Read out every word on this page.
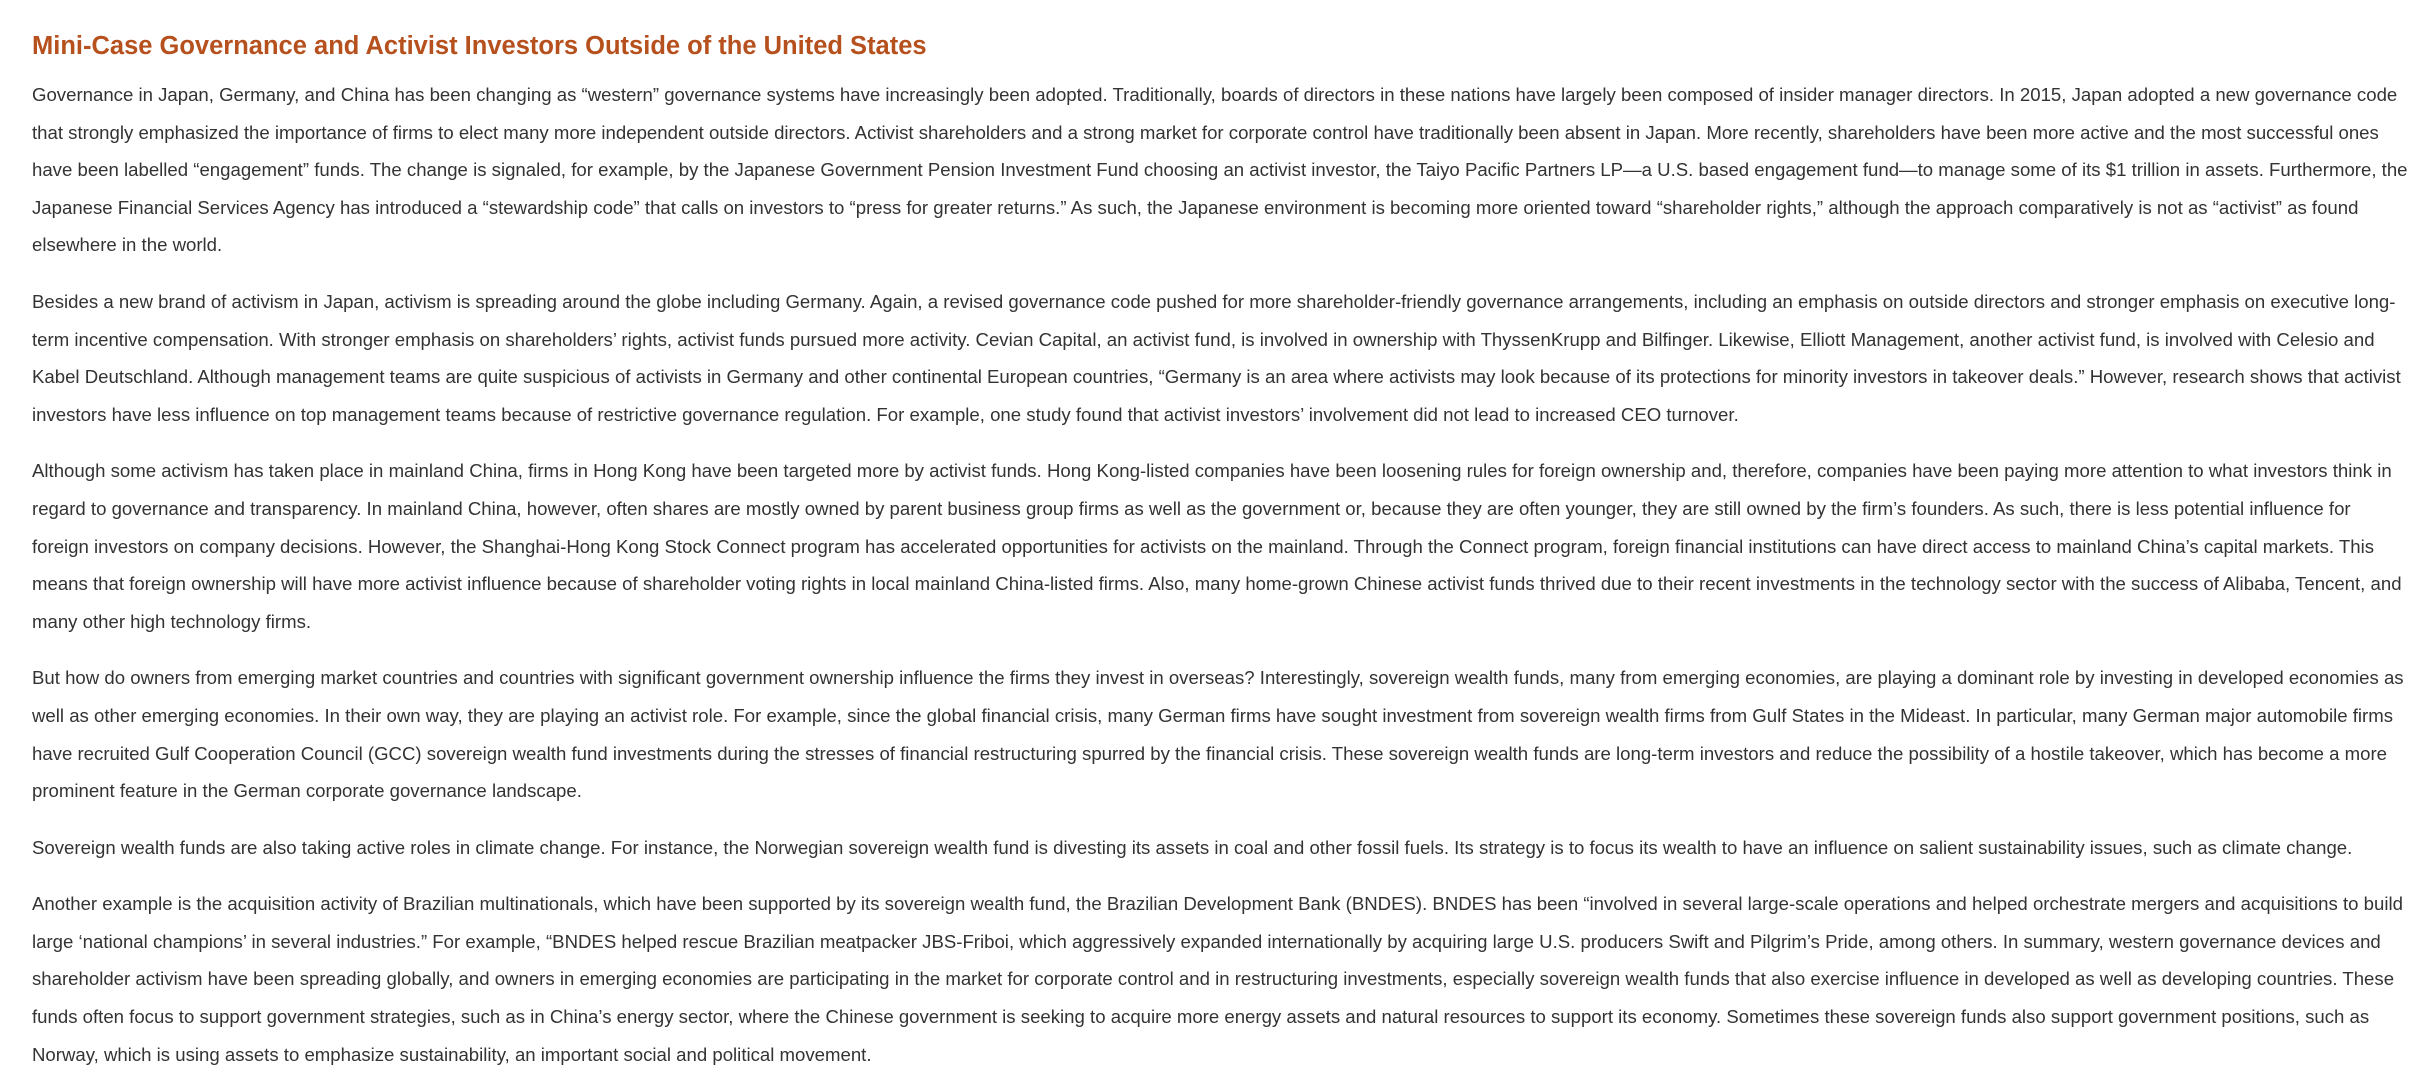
Mini-Case Governance and Activist Investors Outside of the United States

Governance in Japan, Germany, and China has been changing as “western” governance systems have increasingly been adopted. Traditionally, boards of directors in these nations have largely been composed of insider manager directors. In 2015, Japan adopted a new governance code that strongly emphasized the importance of firms to elect many more independent outside directors. Activist shareholders and a strong market for corporate control have traditionally been absent in Japan. More recently, shareholders have been more active and the most successful ones have been labelled “engagement” funds. The change is signaled, for example, by the Japanese Government Pension Investment Fund choosing an activist investor, the Taiyo Pacific Partners LP—a U.S. based engagement fund—to manage some of its $1 trillion in assets. Furthermore, the Japanese Financial Services Agency has introduced a “stewardship code” that calls on investors to “press for greater returns.” As such, the Japanese environment is becoming more oriented toward “shareholder rights,” although the approach comparatively is not as “activist” as found elsewhere in the world.

Besides a new brand of activism in Japan, activism is spreading around the globe including Germany. Again, a revised governance code pushed for more shareholder-friendly governance arrangements, including an emphasis on outside directors and stronger emphasis on executive long-term incentive compensation. With stronger emphasis on shareholders’ rights, activist funds pursued more activity. Cevian Capital, an activist fund, is involved in ownership with ThyssenKrupp and Bilfinger. Likewise, Elliott Management, another activist fund, is involved with Celesio and Kabel Deutschland. Although management teams are quite suspicious of activists in Germany and other continental European countries, “Germany is an area where activists may look because of its protections for minority investors in takeover deals.” However, research shows that activist investors have less influence on top management teams because of restrictive governance regulation. For example, one study found that activist investors’ involvement did not lead to increased CEO turnover.

Although some activism has taken place in mainland China, firms in Hong Kong have been targeted more by activist funds. Hong Kong-listed companies have been loosening rules for foreign ownership and, therefore, companies have been paying more attention to what investors think in regard to governance and transparency. In mainland China, however, often shares are mostly owned by parent business group firms as well as the government or, because they are often younger, they are still owned by the firm’s founders. As such, there is less potential influence for foreign investors on company decisions. However, the Shanghai-Hong Kong Stock Connect program has accelerated opportunities for activists on the mainland. Through the Connect program, foreign financial institutions can have direct access to mainland China’s capital markets. This means that foreign ownership will have more activist influence because of shareholder voting rights in local mainland China-listed firms. Also, many home-grown Chinese activist funds thrived due to their recent investments in the technology sector with the success of Alibaba, Tencent, and many other high technology firms.

But how do owners from emerging market countries and countries with significant government ownership influence the firms they invest in overseas? Interestingly, sovereign wealth funds, many from emerging economies, are playing a dominant role by investing in developed economies as well as other emerging economies. In their own way, they are playing an activist role. For example, since the global financial crisis, many German firms have sought investment from sovereign wealth firms from Gulf States in the Mideast. In particular, many German major automobile firms have recruited Gulf Cooperation Council (GCC) sovereign wealth fund investments during the stresses of financial restructuring spurred by the financial crisis. These sovereign wealth funds are long-term investors and reduce the possibility of a hostile takeover, which has become a more prominent feature in the German corporate governance landscape.

Sovereign wealth funds are also taking active roles in climate change. For instance, the Norwegian sovereign wealth fund is divesting its assets in coal and other fossil fuels. Its strategy is to focus its wealth to have an influence on salient sustainability issues, such as climate change.

Another example is the acquisition activity of Brazilian multinationals, which have been supported by its sovereign wealth fund, the Brazilian Development Bank (BNDES). BNDES has been “involved in several large-scale operations and helped orchestrate mergers and acquisitions to build large ‘national champions’ in several industries.” For example, “BNDES helped rescue Brazilian meatpacker JBS-Friboi, which aggressively expanded internationally by acquiring large U.S. producers Swift and Pilgrim’s Pride, among others. In summary, western governance devices and shareholder activism have been spreading globally, and owners in emerging economies are participating in the market for corporate control and in restructuring investments, especially sovereign wealth funds that also exercise influence in developed as well as developing countries. These funds often focus to support government strategies, such as in China’s energy sector, where the Chinese government is seeking to acquire more energy assets and natural resources to support its economy. Sometimes these sovereign funds also support government positions, such as Norway, which is using assets to emphasize sustainability, an important social and political movement.
